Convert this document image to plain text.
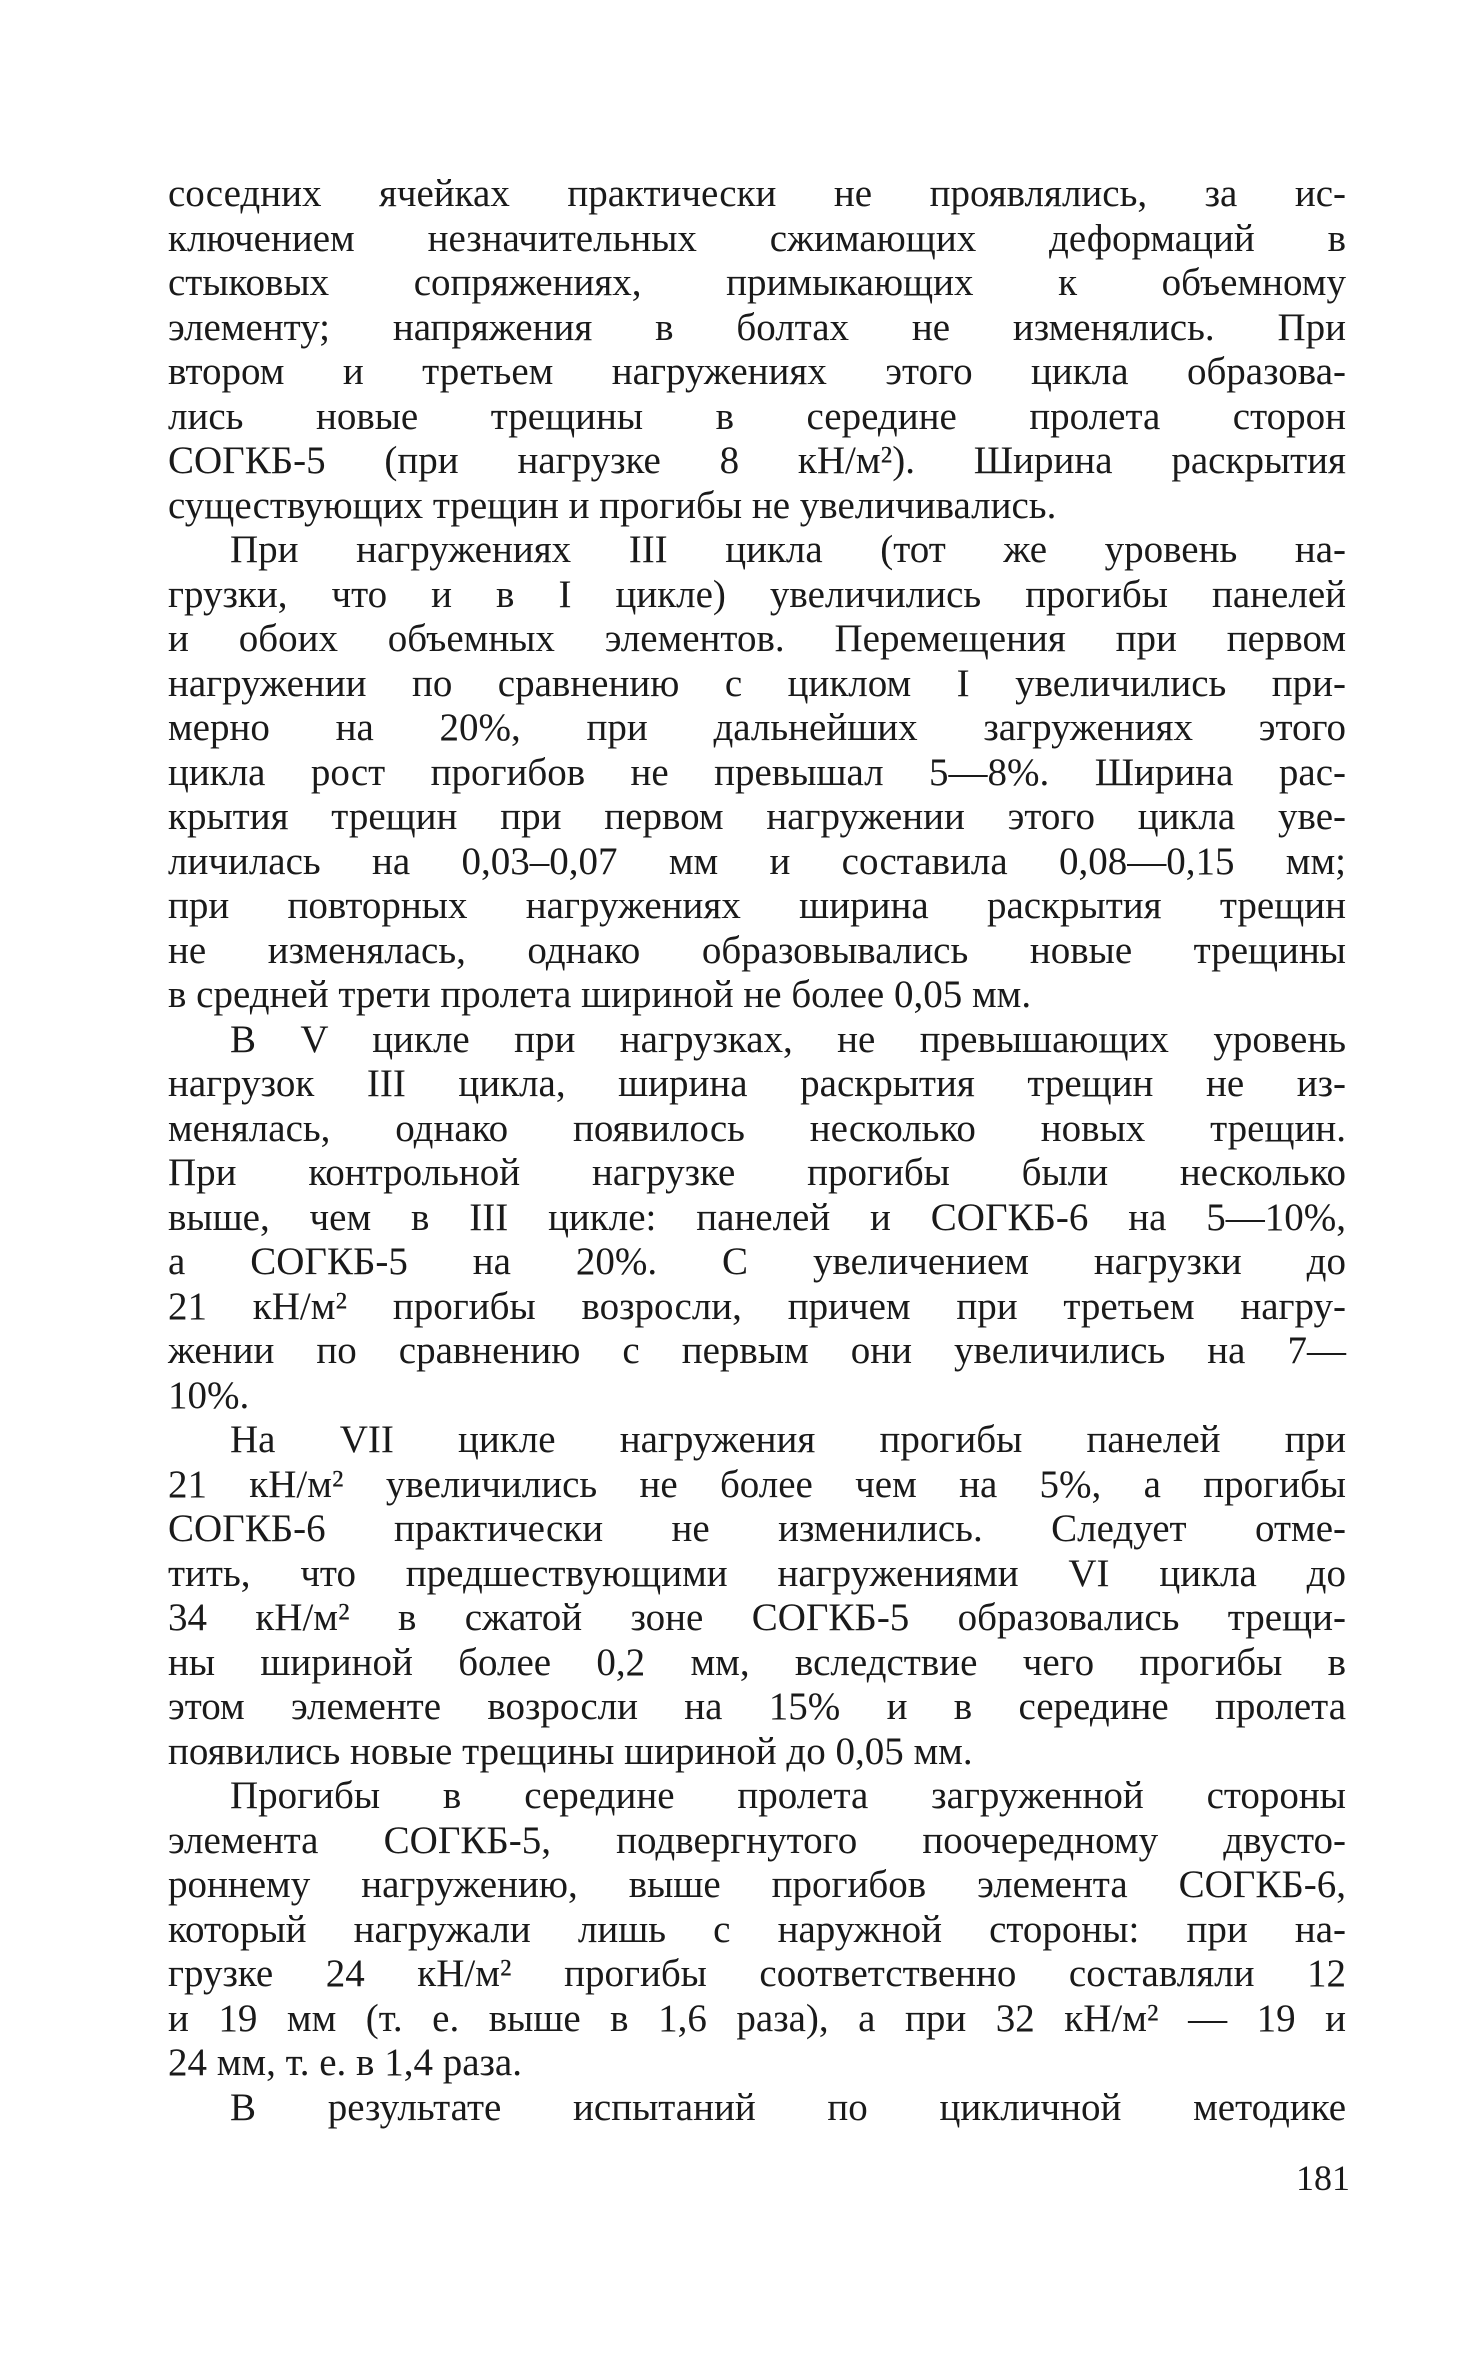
соседних ячейках практически не проявлялись, за ис-
ключением незначительных сжимающих деформаций в
стыковых сопряжениях, примыкающих к объемному
элементу; напряжения в болтах не изменялись. При
втором и третьем нагружениях этого цикла образова-
лись новые трещины в середине пролета сторон
СОГКБ-5 (при нагрузке 8 кН/м²). Ширина раскрытия
существующих трещин и прогибы не увеличивались.

При нагружениях III цикла (тот же уровень на-
грузки, что и в I цикле) увеличились прогибы панелей
и обоих объемных элементов. Перемещения при первом
нагружении по сравнению с циклом I увеличились при-
мерно на 20%, при дальнейших загружениях этого
цикла рост прогибов не превышал 5—8%. Ширина рас-
крытия трещин при первом нагружении этого цикла уве-
личилась на 0,03–0,07 мм и составила 0,08—0,15 мм;
при повторных нагружениях ширина раскрытия трещин
не изменялась, однако образовывались новые трещины
в средней трети пролета шириной не более 0,05 мм.

В V цикле при нагрузках, не превышающих уровень
нагрузок III цикла, ширина раскрытия трещин не из-
менялась, однако появилось несколько новых трещин.
При контрольной нагрузке прогибы были несколько
выше, чем в III цикле: панелей и СОГКБ-6 на 5—10%,
а СОГКБ-5 на 20%. С увеличением нагрузки до
21 кН/м² прогибы возросли, причем при третьем нагру-
жении по сравнению с первым они увеличились на 7—
10%.

На VII цикле нагружения прогибы панелей при
21 кН/м² увеличились не более чем на 5%, а прогибы
СОГКБ-6 практически не изменились. Следует отме-
тить, что предшествующими нагружениями VI цикла до
34 кН/м² в сжатой зоне СОГКБ-5 образовались трещи-
ны шириной более 0,2 мм, вследствие чего прогибы в
этом элементе возросли на 15% и в середине пролета
появились новые трещины шириной до 0,05 мм.

Прогибы в середине пролета загруженной стороны
элемента СОГКБ-5, подвергнутого поочередному двусто-
роннему нагружению, выше прогибов элемента СОГКБ-6,
который нагружали лишь с наружной стороны: при на-
грузке 24 кН/м² прогибы соответственно составляли 12
и 19 мм (т. е. выше в 1,6 раза), а при 32 кН/м² — 19 и
24 мм, т. е. в 1,4 раза.

В результате испытаний по цикличной методике

181
